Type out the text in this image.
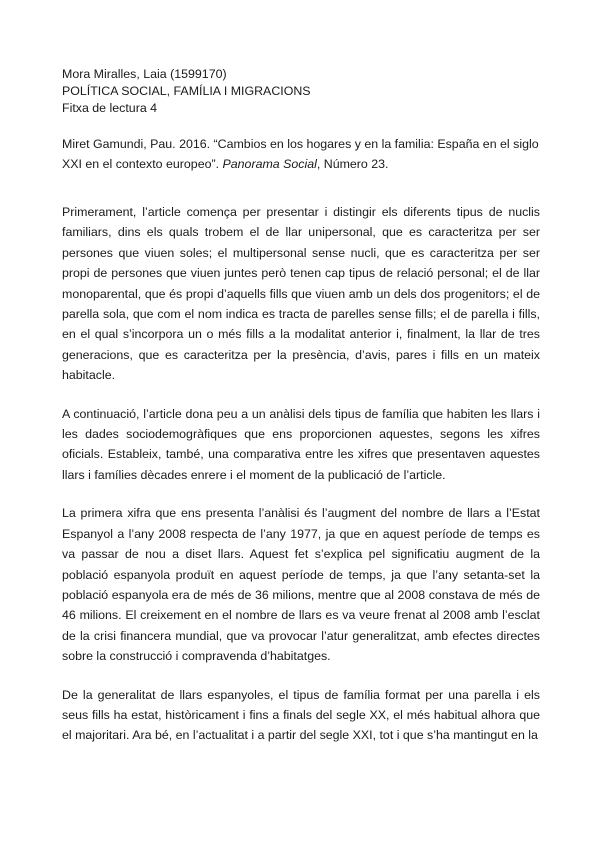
Mora Miralles, Laia (1599170)

POLÍTICA SOCIAL, FAMÍLIA I MIGRACIONS

Fitxa de lectura 4

Miret Gamundi, Pau. 2016. “Cambios en los hogares y en la familia: España en el siglo XXI en el contexto europeo”. Panorama Social, Número 23.

Primerament, l’article comença per presentar i distingir els diferents tipus de nuclis familiars, dins els quals trobem el de llar unipersonal, que es caracteritza per ser persones que viuen soles; el multipersonal sense nucli, que es caracteritza per ser propi de persones que viuen juntes però tenen cap tipus de relació personal; el de llar monoparental, que és propi d’aquells fills que viuen amb un dels dos progenitors; el de parella sola, que com el nom indica es tracta de parelles sense fills; el de parella i fills, en el qual s’incorpora un o més fills a la modalitat anterior i, finalment, la llar de tres generacions, que es caracteritza per la presència, d’avis, pares i fills en un mateix habitacle.

A continuació, l’article dona peu a un anàlisi dels tipus de família que habiten les llars i les dades sociodemogràfiques que ens proporcionen aquestes, segons les xifres oficials. Estableix, també, una comparativa entre les xifres que presentaven aquestes llars i famílies dècades enrere i el moment de la publicació de l’article.

La primera xifra que ens presenta l’anàlisi és l’augment del nombre de llars a l’Estat Espanyol a l’any 2008 respecta de l’any 1977, ja que en aquest període de temps es va passar de nou a diset llars. Aquest fet s’explica pel significatiu augment de la població espanyola produït en aquest període de temps, ja que l’any setanta-set la població espanyola era de més de 36 milions, mentre que al 2008 constava de més de 46 milions. El creixement en el nombre de llars es va veure frenat al 2008 amb l’esclat de la crisi financera mundial, que va provocar l’atur generalitzat, amb efectes directes sobre la construcció i compravenda d’habitatges.

De la generalitat de llars espanyoles, el tipus de família format per una parella i els seus fills ha estat, històricament i fins a finals del segle XX, el més habitual alhora que el majoritari. Ara bé, en l’actualitat i a partir del segle XXI, tot i que s’ha mantingut en la
